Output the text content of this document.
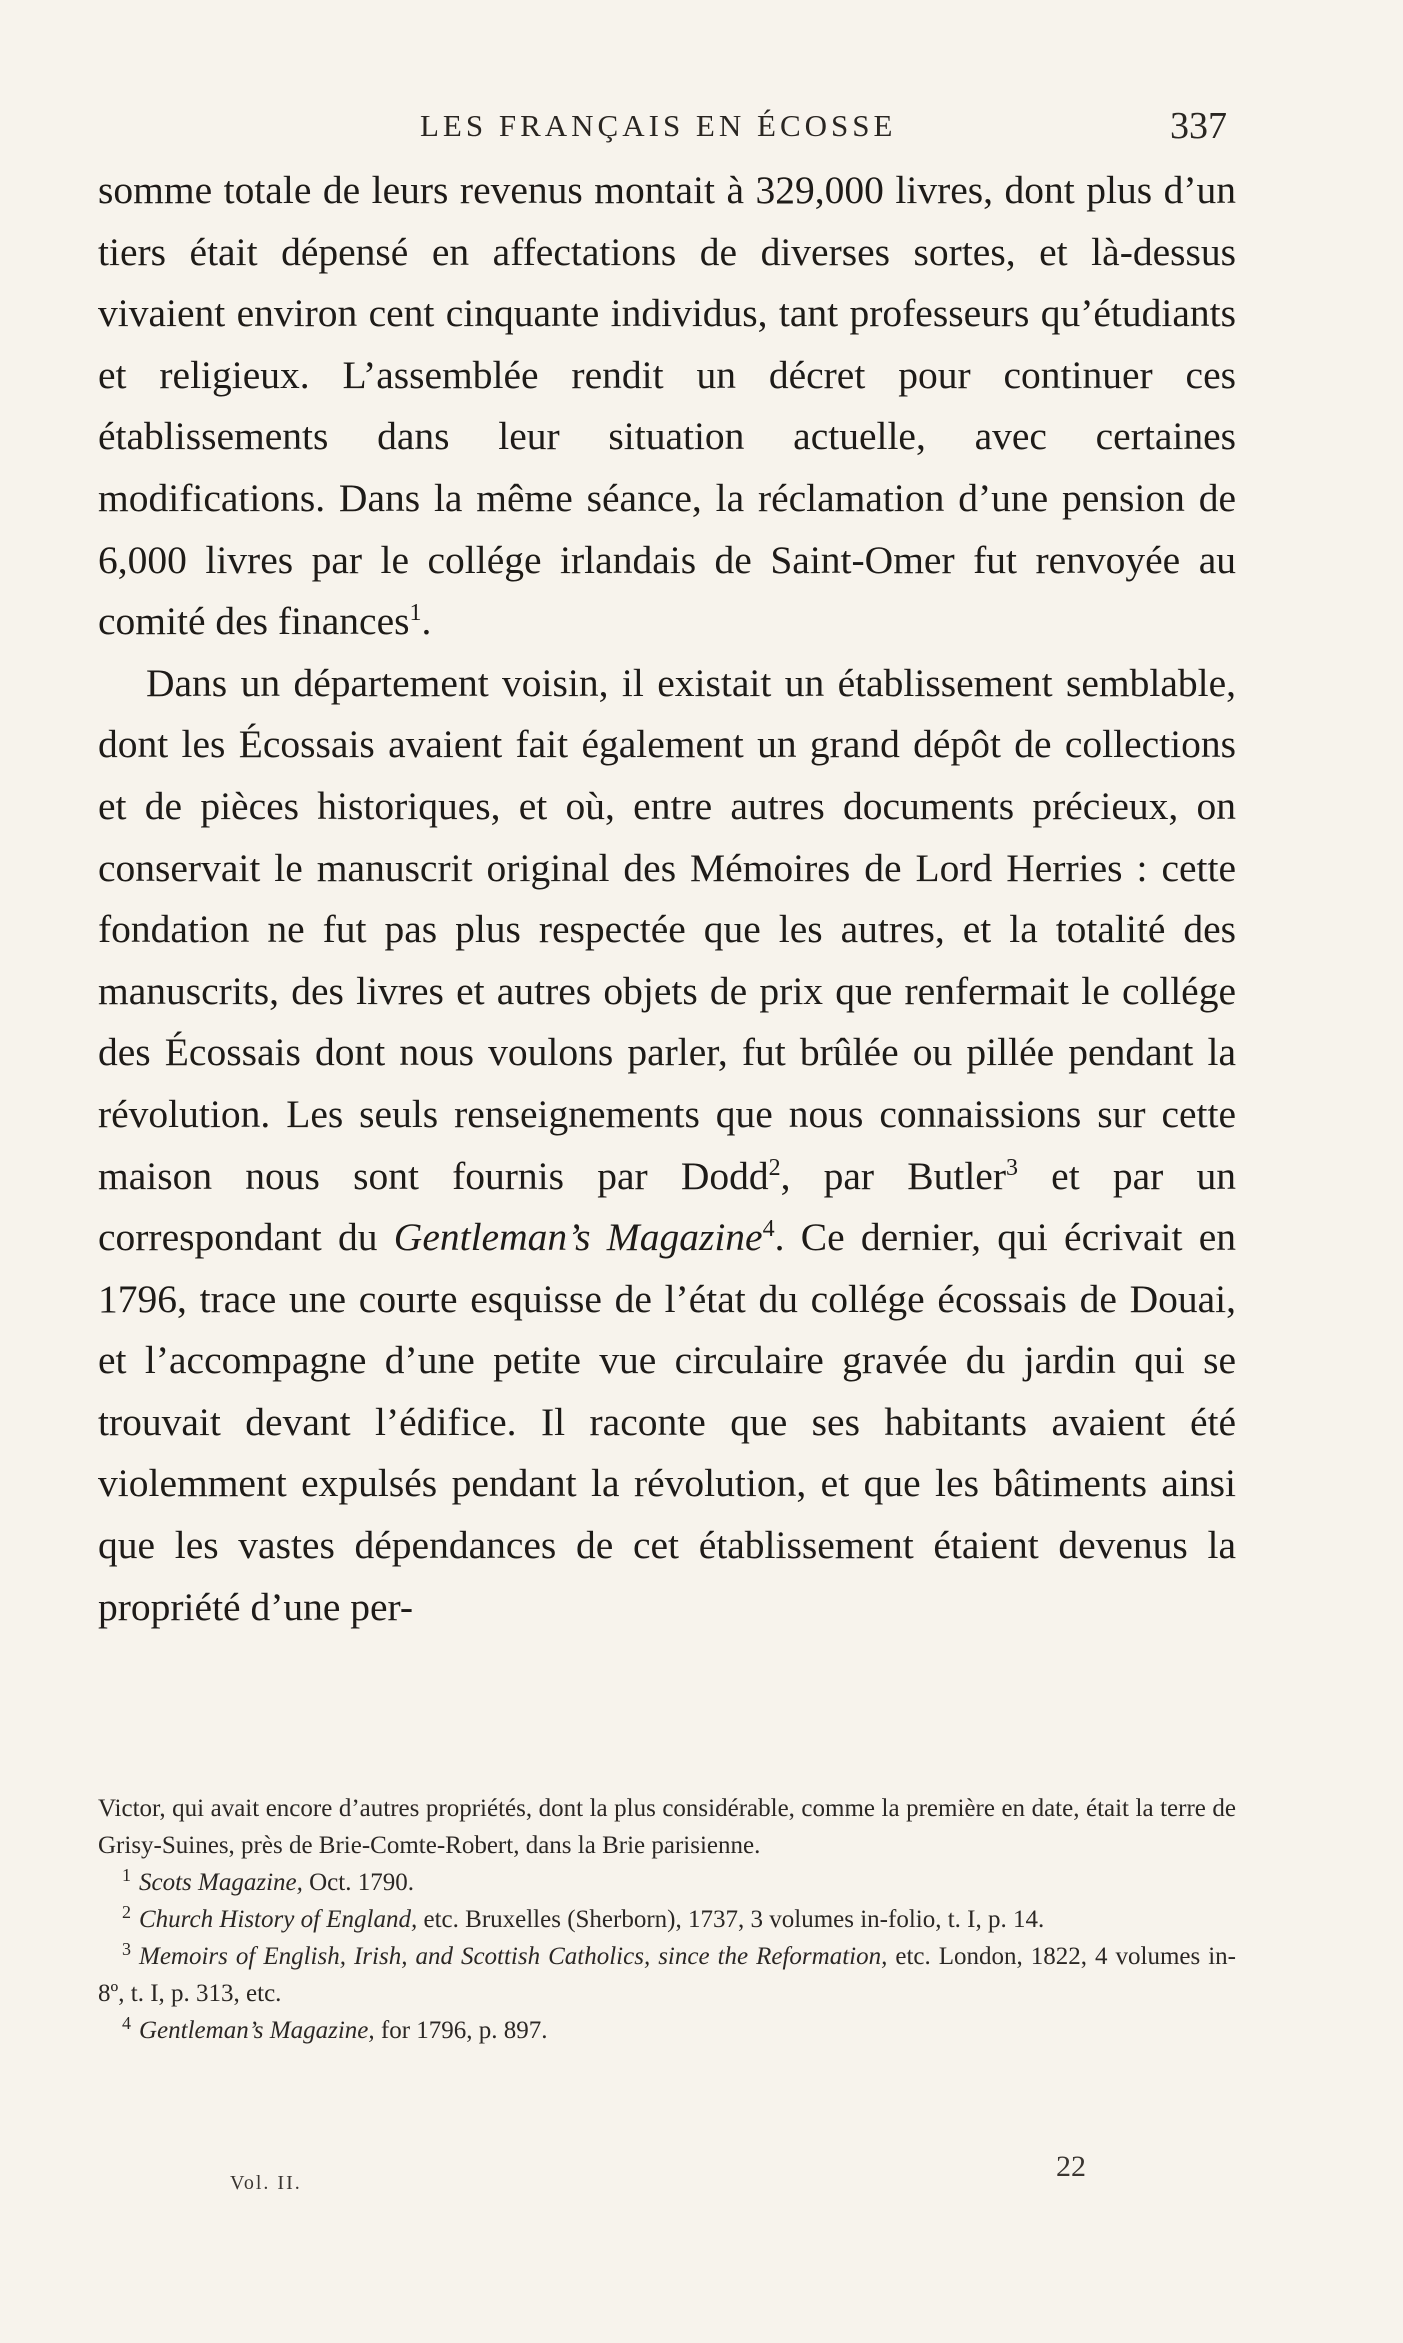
LES FRANÇAIS EN ÉCOSSE	337

somme totale de leurs revenus montait à 329,000 livres, dont plus d’un tiers était dépensé en affectations de diverses sortes, et là-dessus vivaient environ cent cinquante individus, tant professeurs qu’étudiants et religieux. L’assemblée rendit un décret pour continuer ces établissements dans leur situation actuelle, avec certaines modifications. Dans la même séance, la réclamation d’une pension de 6,000 livres par le collége irlandais de Saint-Omer fut renvoyée au comité des finances$^1$.

Dans un département voisin, il existait un établissement semblable, dont les Écossais avaient fait également un grand dépôt de collections et de pièces historiques, et où, entre autres documents précieux, on conservait le manuscrit original des Mémoires de Lord Herries : cette fondation ne fut pas plus respectée que les autres, et la totalité des manuscrits, des livres et autres objets de prix que renfermait le collége des Écossais dont nous voulons parler, fut brûlée ou pillée pendant la révolution. Les seuls renseignements que nous connaissions sur cette maison nous sont fournis par Dodd$^2$, par Butler$^3$ et par un correspondant du Gentleman’s Magazine$^4$. Ce dernier, qui écrivait en 1796, trace une courte esquisse de l’état du collége écossais de Douai, et l’accompagne d’une petite vue circulaire gravée du jardin qui se trouvait devant l’édifice. Il raconte que ses habitants avaient été violemment expulsés pendant la révolution, et que les bâtiments ainsi que les vastes dépendances de cet établissement étaient devenus la propriété d’une per-

Victor, qui avait encore d’autres propriétés, dont la plus considérable, comme la première en date, était la terre de Grisy-Suines, près de Brie-Comte-Robert, dans la Brie parisienne.

$^1$ Scots Magazine, Oct. 1790.

$^2$ Church History of England, etc. Bruxelles (Sherborn), 1737, 3 volumes in-folio, t. I, p. 14.

$^3$ Memoirs of English, Irish, and Scottish Catholics, since the Reformation, etc. London, 1822, 4 volumes in-8º, t. I, p. 313, etc.

$^4$ Gentleman’s Magazine, for 1796, p. 897.

Vol. II.	22
